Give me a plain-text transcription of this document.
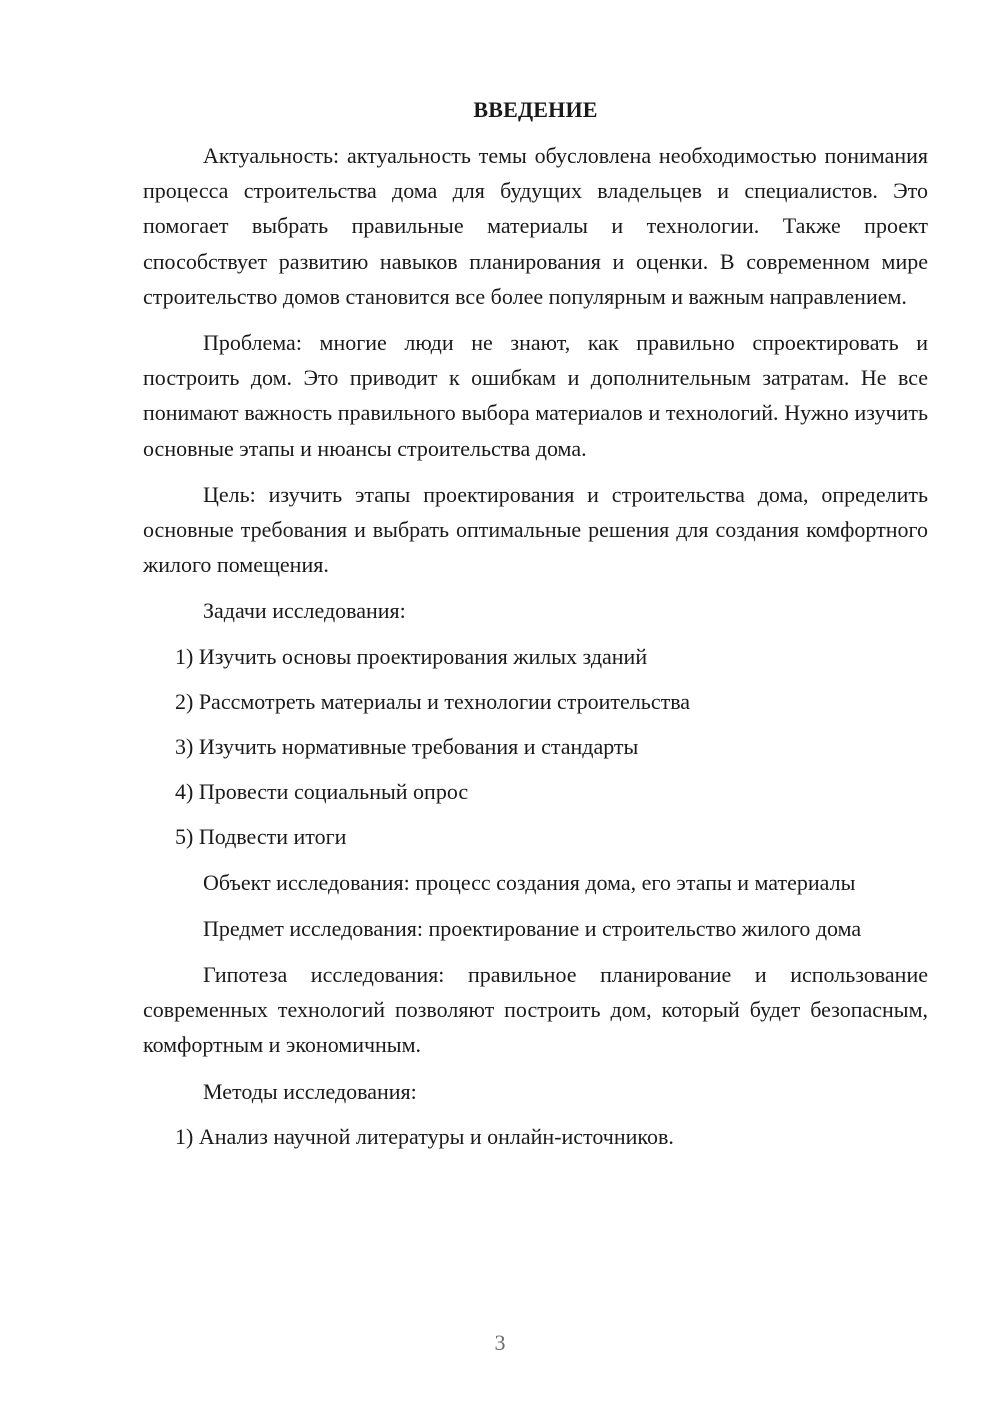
ВВЕДЕНИЕ

Актуальность: актуальность темы обусловлена необходимостью понимания процесса строительства дома для будущих владельцев и специалистов. Это помогает выбрать правильные материалы и технологии. Также проект способствует развитию навыков планирования и оценки. В современном мире строительство домов становится все более популярным и важным направлением.

Проблема: многие люди не знают, как правильно спроектировать и построить дом. Это приводит к ошибкам и дополнительным затратам. Не все понимают важность правильного выбора материалов и технологий. Нужно изучить основные этапы и нюансы строительства дома.

Цель: изучить этапы проектирования и строительства дома, определить основные требования и выбрать оптимальные решения для создания комфортного жилого помещения.

Задачи исследования:

1) Изучить основы проектирования жилых зданий
2) Рассмотреть материалы и технологии строительства
3) Изучить нормативные требования и стандарты
4) Провести социальный опрос
5) Подвести итоги

Объект исследования: процесс создания дома, его этапы и материалы

Предмет исследования: проектирование и строительство жилого дома

Гипотеза исследования: правильное планирование и использование современных технологий позволяют построить дом, который будет безопасным, комфортным и экономичным.

Методы исследования:

1) Анализ научной литературы и онлайн-источников.
3
